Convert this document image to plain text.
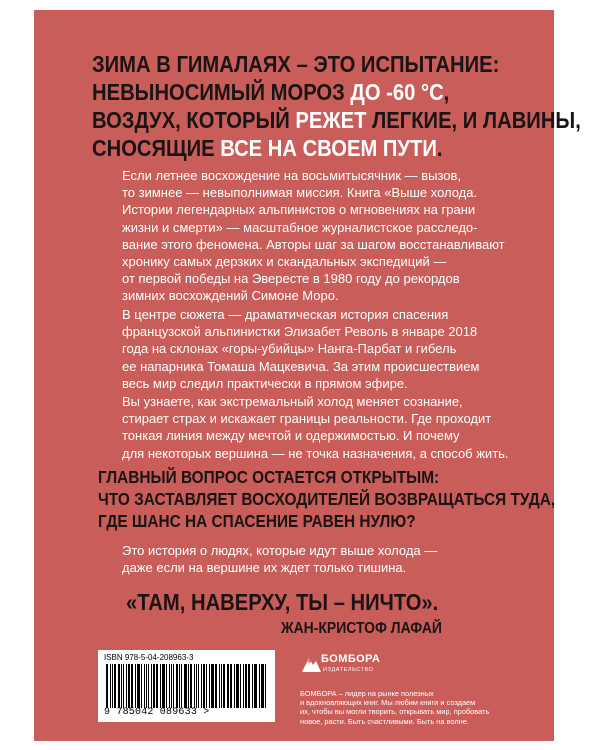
ЗИМА В ГИМАЛАЯХ – ЭТО ИСПЫТАНИЕ:
НЕВЫНОСИМЫЙ МОРОЗ ДО -60 °С,
ВОЗДУХ, КОТОРЫЙ РЕЖЕТ ЛЕГКИЕ, И ЛАВИНЫ,
СНОСЯЩИЕ ВСЕ НА СВОЕМ ПУТИ.
Если летнее восхождение на восьмитысячник — вызов,
то зимнее — невыполнимая миссия. Книга «Выше холода.
Истории легендарных альпинистов о мгновениях на грани
жизни и смерти» — масштабное журналистское расследо-
вание этого феномена. Авторы шаг за шагом восстанавливают
хронику самых дерзких и скандальных экспедиций —
от первой победы на Эвересте в 1980 году до рекордов
зимних восхождений Симоне Моро.
В центре сюжета — драматическая история спасения
французской альпинистки Элизабет Револь в январе 2018
года на склонах «горы-убийцы» Нанга-Парбат и гибель
ее напарника Томаша Мацкевича. За этим происшествием
весь мир следил практически в прямом эфире.
Вы узнаете, как экстремальный холод меняет сознание,
стирает страх и искажает границы реальности. Где проходит
тонкая линия между мечтой и одержимостью. И почему
для некоторых вершина — не точка назначения, а способ жить.
ГЛАВНЫЙ ВОПРОС ОСТАЕТСЯ ОТКРЫТЫМ:
ЧТО ЗАСТАВЛЯЕТ ВОСХОДИТЕЛЕЙ ВОЗВРАЩАТЬСЯ ТУДА,
ГДЕ ШАНС НА СПАСЕНИЕ РАВЕН НУЛЮ?
Это история о людях, которые идут выше холода —
даже если на вершине их ждет только тишина.
«ТАМ, НАВЕРХУ, ТЫ – НИЧТО».
ЖАН-КРИСТОФ ЛАФАЙ
ISBN 978-5-04-208963-3
9 785042 089633 >
БОМБОРА
ИЗДАТЕЛЬСТВО
БОМБОРА – лидер на рынке полезных
и вдохновляющих книг. Мы любим книги и создаем
их, чтобы вы могли творить, открывать мир, пробовать
новое, расти. Быть счастливыми. Быть на волне.
